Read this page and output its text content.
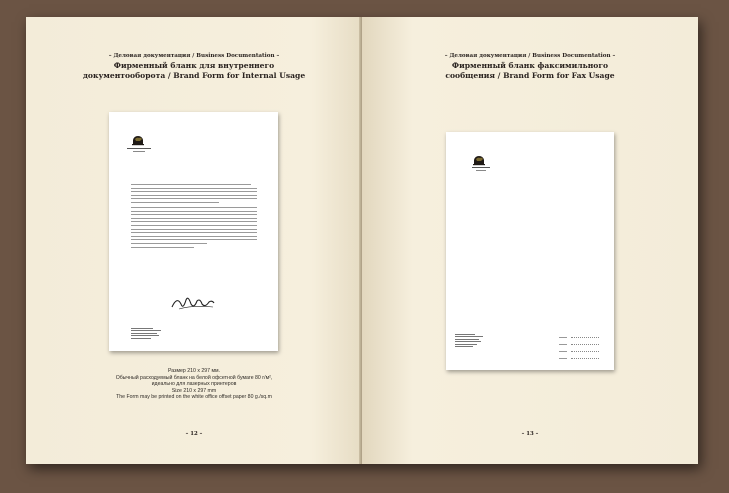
– Деловая документация / Business Documentation –
Фирменный бланк для внутреннего
документооборота / Brand Form for Internal Usage
Размер 210 х 297 мм.
Обычный расходуемый бланк на белой офсетной бумаге 80 г/м²,
идеально для лазерных принтеров
Size 210 х 297 mm
The Form may be printed on the white office offset paper 80 g./sq.m
– 12 –
– Деловая документация / Business Documentation –
Фирменный бланк факсимильного
сообщения / Brand Form for Fax Usage
– 13 –
